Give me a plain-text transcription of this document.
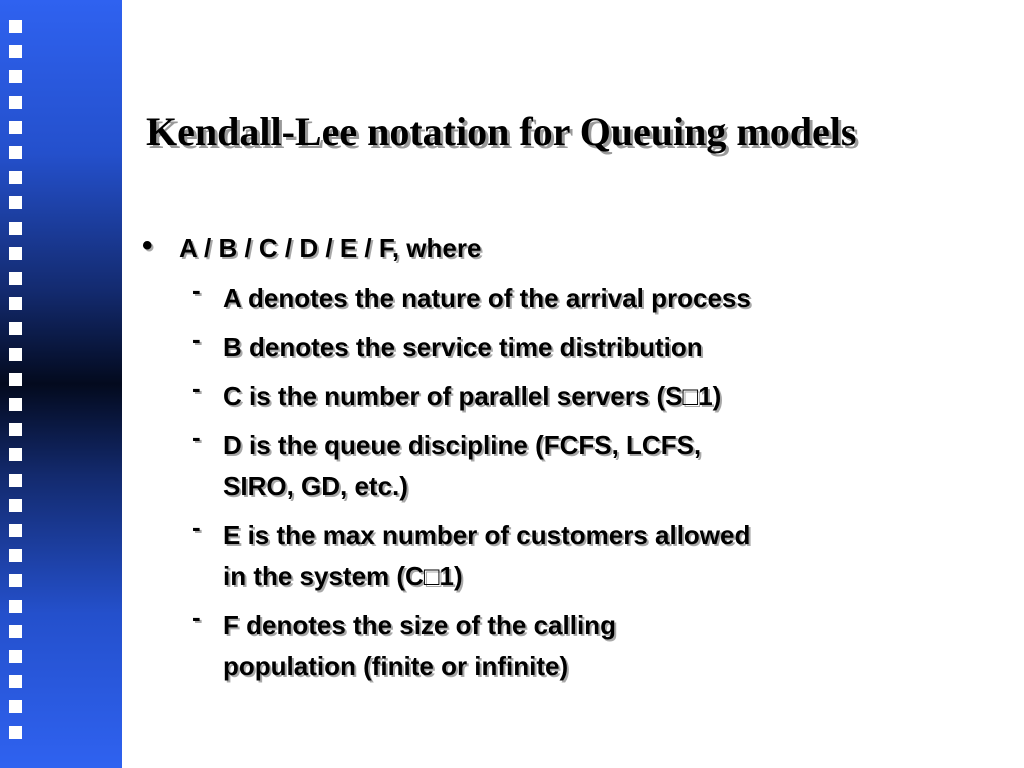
Kendall-Lee notation for Queuing models
• A / B / C / D / E / F, where
- A denotes the nature of the arrival process
- B denotes the service time distribution
- C is the number of parallel servers (S□1)
- D is the queue discipline (FCFS, LCFS,
SIRO, GD, etc.)
- E is the max number of customers allowed
in the system (C□1)
- F denotes the size of the calling
population (finite or infinite)
